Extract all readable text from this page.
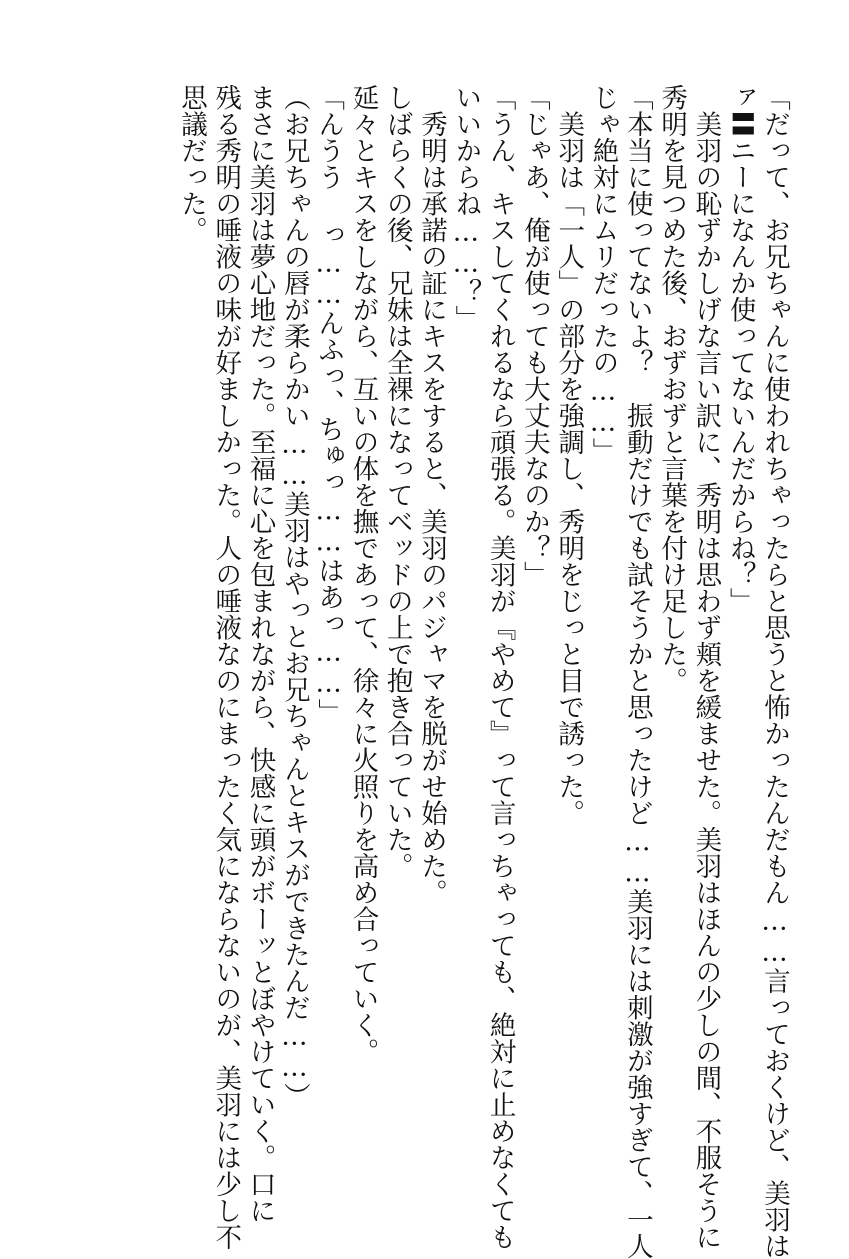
「だって、お兄ちゃんに使われちゃったらと思うと怖かったんだもん……言っておくけど、美羽は
ァ〓ニーになんか使ってないんだからね？」
　美羽の恥ずかしげな言い訳に、秀明は思わず頬を緩ませた。美羽はほんの少しの間、不服そうに
秀明を見つめた後、おずおずと言葉を付け足した。
「本当に使ってないよ？　振動だけでも試そうかと思ったけど……美羽には刺激が強すぎて、一人
じゃ絶対にムリだったの……」
　美羽は「一人」の部分を強調し、秀明をじっと目で誘った。
「じゃあ、俺が使っても大丈夫なのか？」
「うん、キスしてくれるなら頑張る。美羽が『やめて』って言っちゃっても、絶対に止めなくても
いいからね……？」
　秀明は承諾の証にキスをすると、美羽のパジャマを脱がせ始めた。
しばらくの後、兄妹は全裸になってベッドの上で抱き合っていた。
延々とキスをしながら、互いの体を撫であって、徐々に火照りを高め合っていく。
「んうう っ……んふっ、ちゅっ……はあっ……」
（お兄ちゃんの唇が柔らかい……美羽はやっとお兄ちゃんとキスができたんだ……）
まさに美羽は夢心地だった。至福に心を包まれながら、快感に頭がボーッとぼやけていく。口に
残る秀明の唾液の味が好ましかった。人の唾液なのにまったく気にならないのが、美羽には少し不
思議だった。
